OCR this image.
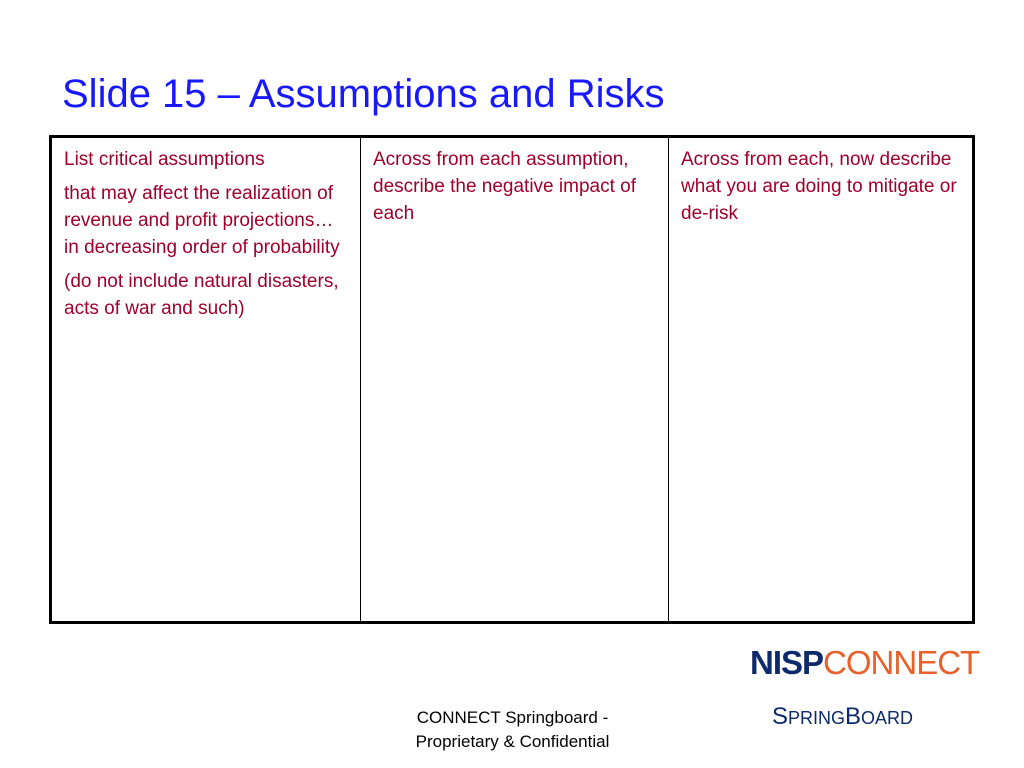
Slide 15 – Assumptions and Risks

List critical assumptions

that may affect the realization of revenue and profit projections… in decreasing order of probability

(do not include natural disasters, acts of war and such)

Across from each assumption, describe the negative impact of each

Across from each, now describe what you are doing to mitigate or de-risk

NISPCONNECT
SPRINGBOARD
CONNECT Springboard -
Proprietary & Confidential
